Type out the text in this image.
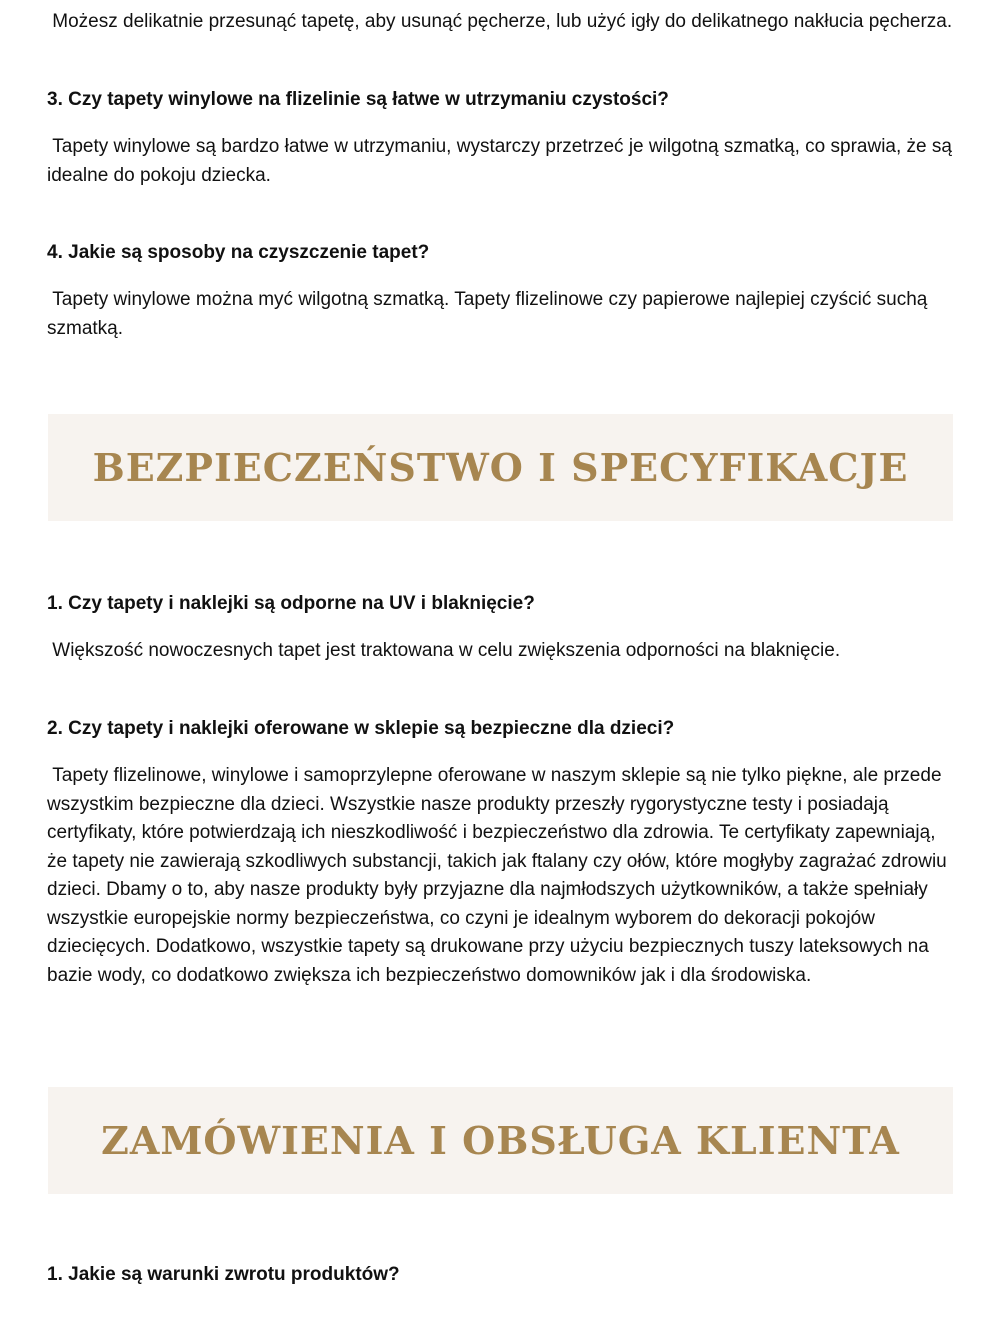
Możesz delikatnie przesunąć tapetę, aby usunąć pęcherze, lub użyć igły do delikatnego nakłucia pęcherza.

3. Czy tapety winylowe na flizelinie są łatwe w utrzymaniu czystości?

Tapety winylowe są bardzo łatwe w utrzymaniu, wystarczy przetrzeć je wilgotną szmatką, co sprawia, że są idealne do pokoju dziecka.

4. Jakie są sposoby na czyszczenie tapet?

Tapety winylowe można myć wilgotną szmatką. Tapety flizelinowe czy papierowe najlepiej czyścić suchą szmatką.

BEZPIECZEŃSTWO I SPECYFIKACJE
1. Czy tapety i naklejki są odporne na UV i blaknięcie?

Większość nowoczesnych tapet jest traktowana w celu zwiększenia odporności na blaknięcie.

2. Czy tapety i naklejki oferowane w sklepie są bezpieczne dla dzieci?

Tapety flizelinowe, winylowe i samoprzylepne oferowane w naszym sklepie są nie tylko piękne, ale przede wszystkim bezpieczne dla dzieci. Wszystkie nasze produkty przeszły rygorystyczne testy i posiadają certyfikaty, które potwierdzają ich nieszkodliwość i bezpieczeństwo dla zdrowia. Te certyfikaty zapewniają, że tapety nie zawierają szkodliwych substancji, takich jak ftalany czy ołów, które mogłyby zagrażać zdrowiu dzieci. Dbamy o to, aby nasze produkty były przyjazne dla najmłodszych użytkowników, a także spełniały wszystkie europejskie normy bezpieczeństwa, co czyni je idealnym wyborem do dekoracji pokojów dziecięcych. Dodatkowo, wszystkie tapety są drukowane przy użyciu bezpiecznych tuszy lateksowych na bazie wody, co dodatkowo zwiększa ich bezpieczeństwo domowników jak i dla środowiska.

ZAMÓWIENIA I OBSŁUGA KLIENTA
1. Jakie są warunki zwrotu produktów?
